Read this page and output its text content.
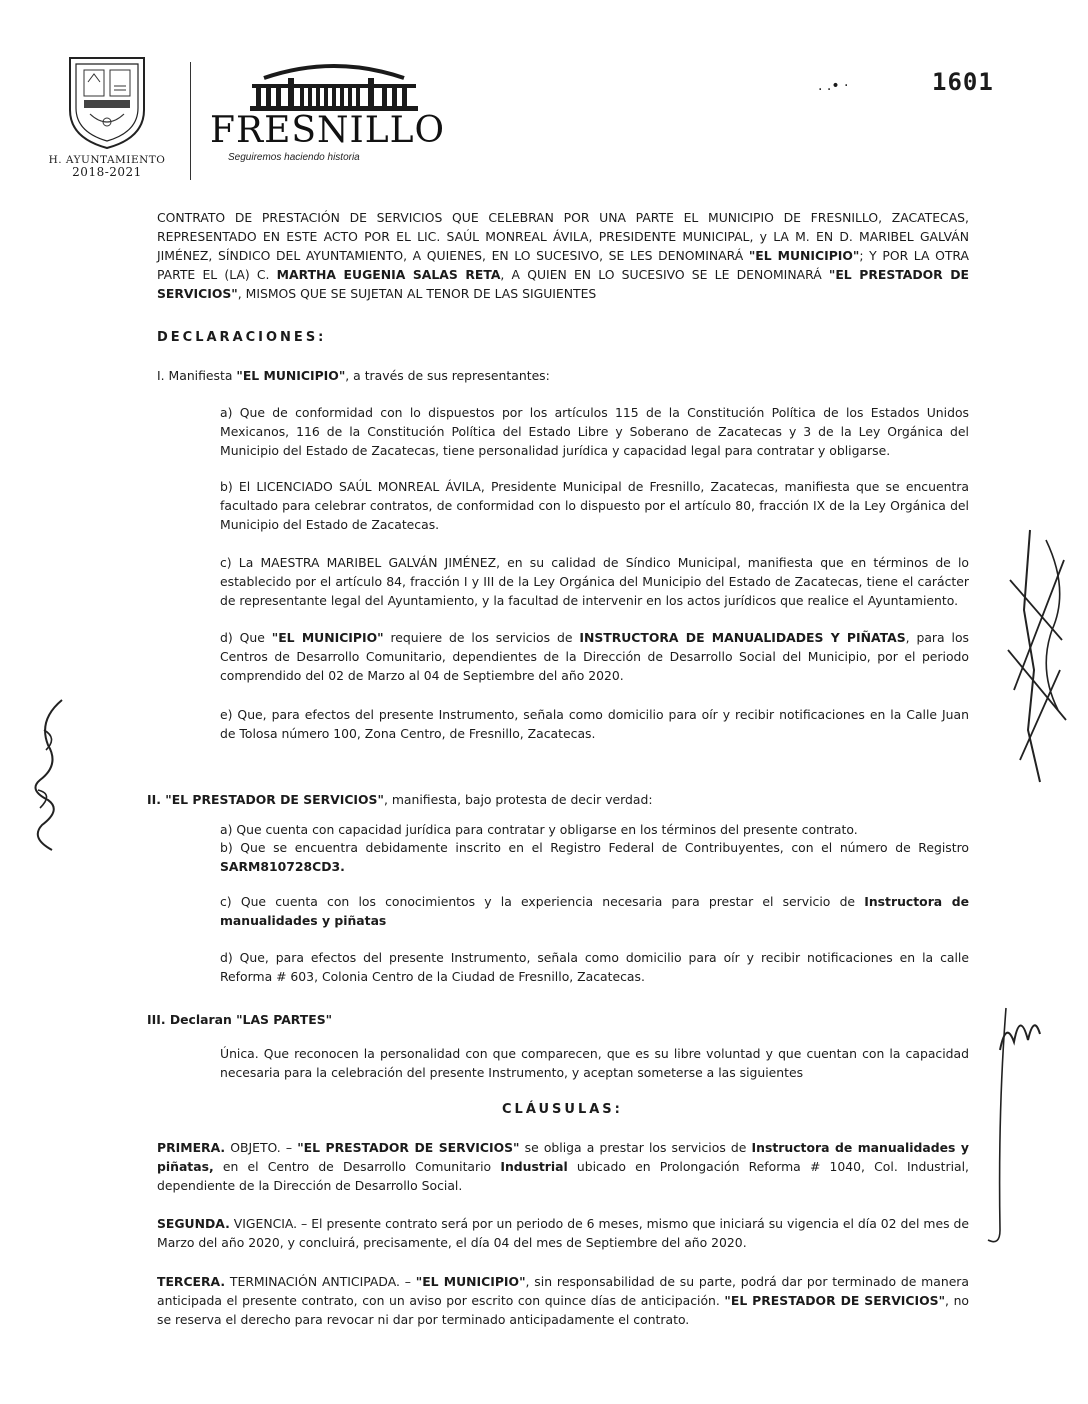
H. AYUNTAMIENTO
2018-2021
FRESNILLO
Seguiremos haciendo historia
. .• ·	1601
CONTRATO DE PRESTACIÓN DE SERVICIOS QUE CELEBRAN POR UNA PARTE EL MUNICIPIO DE FRESNILLO, ZACATECAS, REPRESENTADO EN ESTE ACTO POR EL LIC. SAÚL MONREAL ÁVILA, PRESIDENTE MUNICIPAL, y LA M. EN D. MARIBEL GALVÁN JIMÉNEZ, SÍNDICO DEL AYUNTAMIENTO, A QUIENES, EN LO SUCESIVO, SE LES DENOMINARÁ "EL MUNICIPIO"; Y POR LA OTRA PARTE EL (LA) C. MARTHA EUGENIA SALAS RETA, A QUIEN EN LO SUCESIVO SE LE DENOMINARÁ "EL PRESTADOR DE SERVICIOS", MISMOS QUE SE SUJETAN AL TENOR DE LAS SIGUIENTES
DECLARACIONES:
I. Manifiesta "EL MUNICIPIO", a través de sus representantes:
a) Que de conformidad con lo dispuestos por los artículos 115 de la Constitución Política de los Estados Unidos Mexicanos, 116 de la Constitución Política del Estado Libre y Soberano de Zacatecas y 3 de la Ley Orgánica del Municipio del Estado de Zacatecas, tiene personalidad jurídica y capacidad legal para contratar y obligarse.
b) El LICENCIADO SAÚL MONREAL ÁVILA, Presidente Municipal de Fresnillo, Zacatecas, manifiesta que se encuentra facultado para celebrar contratos, de conformidad con lo dispuesto por el artículo 80, fracción IX de la Ley Orgánica del Municipio del Estado de Zacatecas.
c) La MAESTRA MARIBEL GALVÁN JIMÉNEZ, en su calidad de Síndico Municipal, manifiesta que en términos de lo establecido por el artículo 84, fracción I y III de la Ley Orgánica del Municipio del Estado de Zacatecas, tiene el carácter de representante legal del Ayuntamiento, y la facultad de intervenir en los actos jurídicos que realice el Ayuntamiento.
d) Que "EL MUNICIPIO" requiere de los servicios de INSTRUCTORA DE MANUALIDADES Y PIÑATAS, para los Centros de Desarrollo Comunitario, dependientes de la Dirección de Desarrollo Social del Municipio, por el periodo comprendido del 02 de Marzo al 04 de Septiembre del año 2020.
e) Que, para efectos del presente Instrumento, señala como domicilio para oír y recibir notificaciones en la Calle Juan de Tolosa número 100, Zona Centro, de Fresnillo, Zacatecas.
II. "EL PRESTADOR DE SERVICIOS", manifiesta, bajo protesta de decir verdad:
a) Que cuenta con capacidad jurídica para contratar y obligarse en los términos del presente contrato.
b) Que se encuentra debidamente inscrito en el Registro Federal de Contribuyentes, con el número de Registro SARM810728CD3.
c) Que cuenta con los conocimientos y la experiencia necesaria para prestar el servicio de Instructora de manualidades y piñatas
d) Que, para efectos del presente Instrumento, señala como domicilio para oír y recibir notificaciones en la calle Reforma # 603, Colonia Centro de la Ciudad de Fresnillo, Zacatecas.
III. Declaran "LAS PARTES"
Única. Que reconocen la personalidad con que comparecen, que es su libre voluntad y que cuentan con la capacidad necesaria para la celebración del presente Instrumento, y aceptan someterse a las siguientes
CLÁUSULAS:
PRIMERA. OBJETO. – "EL PRESTADOR DE SERVICIOS" se obliga a prestar los servicios de Instructora de manualidades y piñatas, en el Centro de Desarrollo Comunitario Industrial ubicado en Prolongación Reforma # 1040, Col. Industrial, dependiente de la Dirección de Desarrollo Social.
SEGUNDA. VIGENCIA. – El presente contrato será por un periodo de 6 meses, mismo que iniciará su vigencia el día 02 del mes de Marzo del año 2020, y concluirá, precisamente, el día 04 del mes de Septiembre del año 2020.
TERCERA. TERMINACIÓN ANTICIPADA. – "EL MUNICIPIO", sin responsabilidad de su parte, podrá dar por terminado de manera anticipada el presente contrato, con un aviso por escrito con quince días de anticipación. "EL PRESTADOR DE SERVICIOS", no se reserva el derecho para revocar ni dar por terminado anticipadamente el contrato.
